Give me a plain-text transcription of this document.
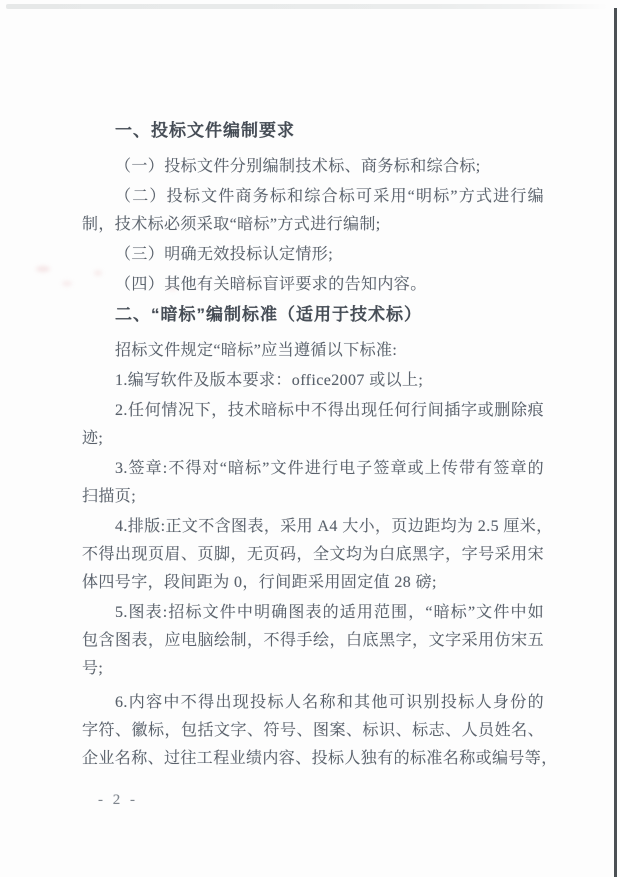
一、投标文件编制要求
（一）投标文件分别编制技术标、商务标和综合标;
（二）投标文件商务标和综合标可采用“明标”方式进行编
制，技术标必须采取“暗标”方式进行编制;
（三）明确无效投标认定情形;
（四）其他有关暗标盲评要求的告知内容。
二、“暗标”编制标准（适用于技术标）
招标文件规定“暗标”应当遵循以下标准:
1.编写软件及版本要求：office2007 或以上;
2.任何情况下，技术暗标中不得出现任何行间插字或删除痕
迹;
3.签章:不得对“暗标”文件进行电子签章或上传带有签章的
扫描页;
4.排版:正文不含图表，采用 A4 大小，页边距均为 2.5 厘米，
不得出现页眉、页脚，无页码，全文均为白底黑字，字号采用宋
体四号字，段间距为 0，行间距采用固定值 28 磅;
5.图表:招标文件中明确图表的适用范围，“暗标”文件中如
包含图表，应电脑绘制，不得手绘，白底黑字，文字采用仿宋五
号;
6.内容中不得出现投标人名称和其他可识别投标人身份的
字符、徽标，包括文字、符号、图案、标识、标志、人员姓名、
企业名称、过往工程业绩内容、投标人独有的标准名称或编号等，
- 2 -
